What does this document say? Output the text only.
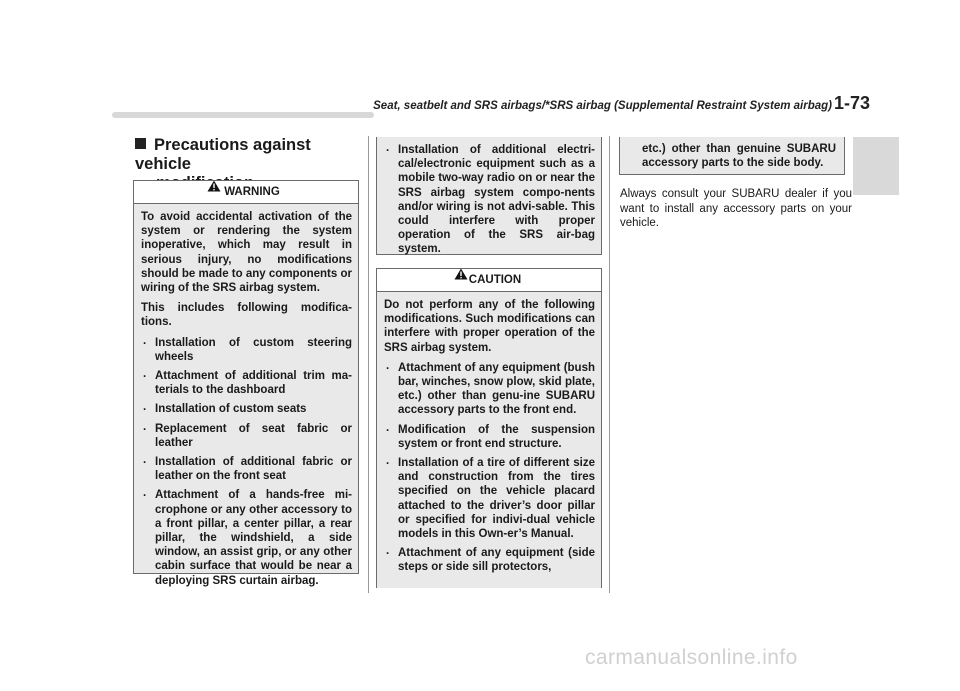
Seat, seatbelt and SRS airbags/*SRS airbag (Supplemental Restraint System airbag) 1-73
Precautions against vehicle
WARNING

To avoid accidental activation of the system or rendering the system inoperative, which may result in serious injury, no modifications should be made to any components or wiring of the SRS airbag system.

This includes following modifica-tions.

. Installation of custom steering wheels
. Attachment of additional trim ma-terials to the dashboard
. Installation of custom seats
. Replacement of seat fabric or leather
. Installation of additional fabric or leather on the front seat
. Attachment of a hands-free mi-crophone or any other accessory to a front pillar, a center pillar, a rear pillar, the windshield, a side window, an assist grip, or any other cabin surface that would be near a deploying SRS curtain airbag.
. Installation of additional electri-cal/electronic equipment such as a mobile two-way radio on or near the SRS airbag system compo-nents and/or wiring is not advi-sable. This could interfere with proper operation of the SRS air-bag system.
CAUTION

Do not perform any of the following modifications. Such modifications can interfere with proper operation of the SRS airbag system.

. Attachment of any equipment (bush bar, winches, snow plow, skid plate, etc.) other than genu-ine SUBARU accessory parts to the front end.
. Modification of the suspension system or front end structure.
. Installation of a tire of different size and construction from the tires specified on the vehicle placard attached to the driver’s door pillar or specified for indivi-dual vehicle models in this Own-er’s Manual.
. Attachment of any equipment (side steps or side sill protectors,
etc.) other than genuine SUBARU accessory parts to the side body.
Always consult your SUBARU dealer if you want to install any accessory parts on your vehicle.
carmanualsonline.info
